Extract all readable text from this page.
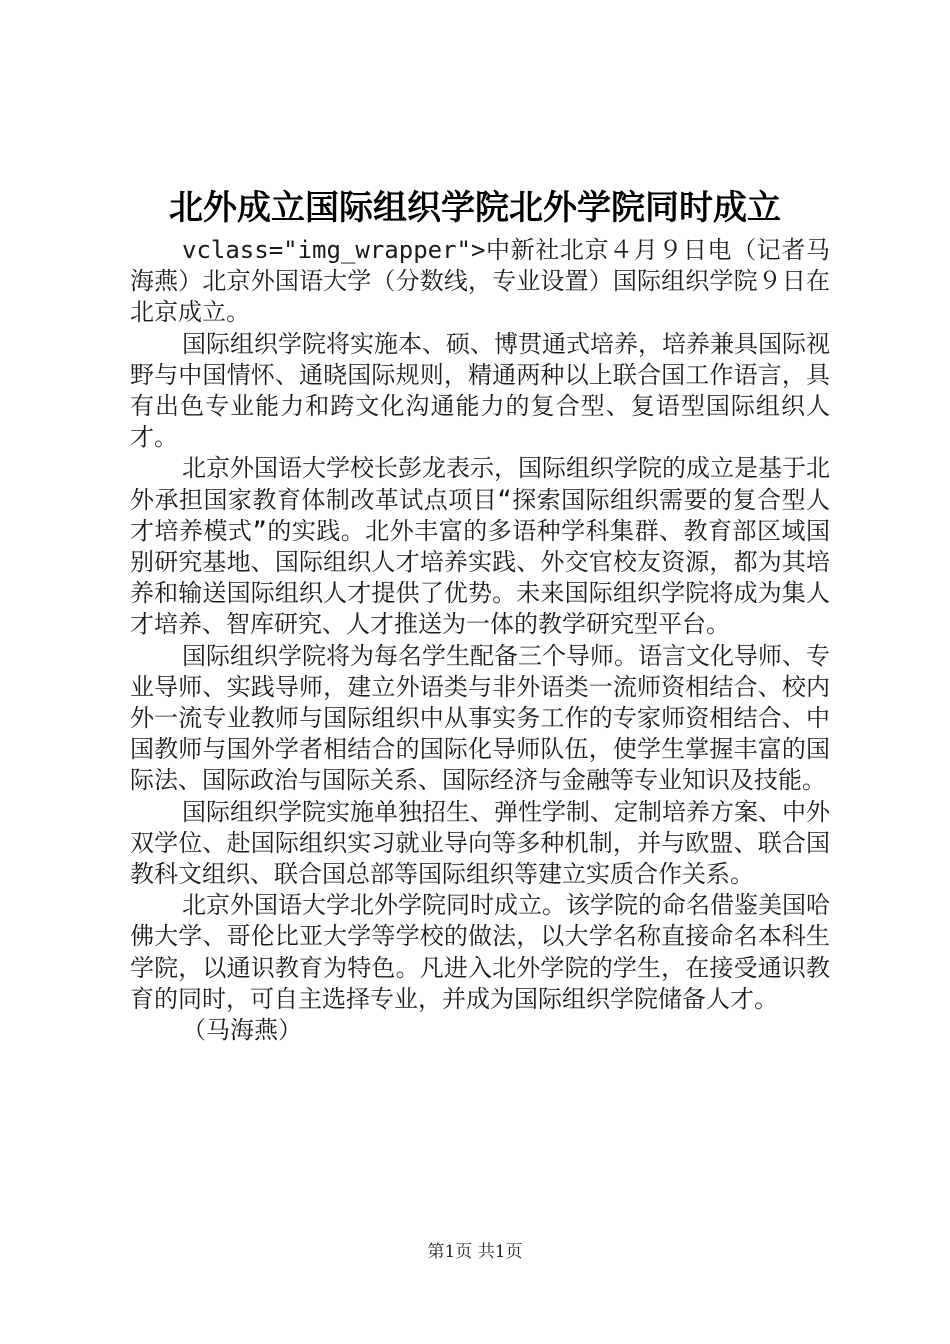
北外成立国际组织学院北外学院同时成立

vclass="img_wrapper">中新社北京４月９日电（记者马海燕）北京外国语大学（分数线，专业设置）国际组织学院９日在北京成立。

国际组织学院将实施本、硕、博贯通式培养，培养兼具国际视野与中国情怀、通晓国际规则，精通两种以上联合国工作语言，具有出色专业能力和跨文化沟通能力的复合型、复语型国际组织人才。

北京外国语大学校长彭龙表示，国际组织学院的成立是基于北外承担国家教育体制改革试点项目“探索国际组织需要的复合型人才培养模式”的实践。北外丰富的多语种学科集群、教育部区域国别研究基地、国际组织人才培养实践、外交官校友资源，都为其培养和输送国际组织人才提供了优势。未来国际组织学院将成为集人才培养、智库研究、人才推送为一体的教学研究型平台。

国际组织学院将为每名学生配备三个导师。语言文化导师、专业导师、实践导师，建立外语类与非外语类一流师资相结合、校内外一流专业教师与国际组织中从事实务工作的专家师资相结合、中国教师与国外学者相结合的国际化导师队伍，使学生掌握丰富的国际法、国际政治与国际关系、国际经济与金融等专业知识及技能。

国际组织学院实施单独招生、弹性学制、定制培养方案、中外双学位、赴国际组织实习就业导向等多种机制，并与欧盟、联合国教科文组织、联合国总部等国际组织等建立实质合作关系。

北京外国语大学北外学院同时成立。该学院的命名借鉴美国哈佛大学、哥伦比亚大学等学校的做法，以大学名称直接命名本科生学院，以通识教育为特色。凡进入北外学院的学生，在接受通识教育的同时，可自主选择专业，并成为国际组织学院储备人才。

（马海燕）

第1页 共1页
